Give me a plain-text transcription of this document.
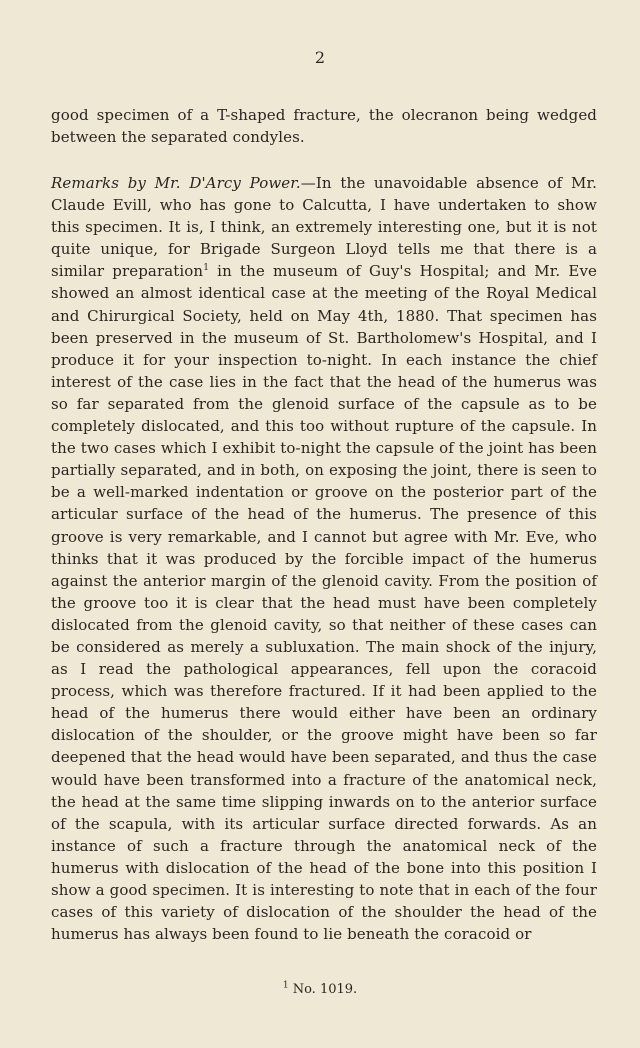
2

good specimen of a T-shaped fracture, the olecranon being wedged between the separated condyles.

Remarks by Mr. D'Arcy Power.—In the unavoidable absence of Mr. Claude Evill, who has gone to Calcutta, I have undertaken to show this specimen. It is, I think, an extremely interesting one, but it is not quite unique, for Brigade Surgeon Lloyd tells me that there is a similar preparation$^1$ in the museum of Guy's Hospital; and Mr. Eve showed an almost identical case at the meeting of the Royal Medical and Chirurgical Society, held on May 4th, 1880. That specimen has been preserved in the museum of St. Bartholomew's Hospital, and I produce it for your inspection to-night. In each instance the chief interest of the case lies in the fact that the head of the humerus was so far separated from the glenoid surface of the capsule as to be completely dislocated, and this too without rupture of the capsule. In the two cases which I exhibit to-night the capsule of the joint has been partially separated, and in both, on exposing the joint, there is seen to be a well-marked indentation or groove on the posterior part of the articular surface of the head of the humerus. The presence of this groove is very remarkable, and I cannot but agree with Mr. Eve, who thinks that it was produced by the forcible impact of the humerus against the anterior margin of the glenoid cavity. From the position of the groove too it is clear that the head must have been completely dislocated from the glenoid cavity, so that neither of these cases can be considered as merely a subluxation. The main shock of the injury, as I read the pathological appearances, fell upon the coracoid process, which was therefore fractured. If it had been applied to the head of the humerus there would either have been an ordinary dislocation of the shoulder, or the groove might have been so far deepened that the head would have been separated, and thus the case would have been transformed into a fracture of the anatomical neck, the head at the same time slipping inwards on to the anterior surface of the scapula, with its articular surface directed forwards. As an instance of such a fracture through the anatomical neck of the humerus with dislocation of the head of the bone into this position I show a good specimen. It is interesting to note that in each of the four cases of this variety of dislocation of the shoulder the head of the humerus has always been found to lie beneath the coracoid or

$^1$ No. 1019.
